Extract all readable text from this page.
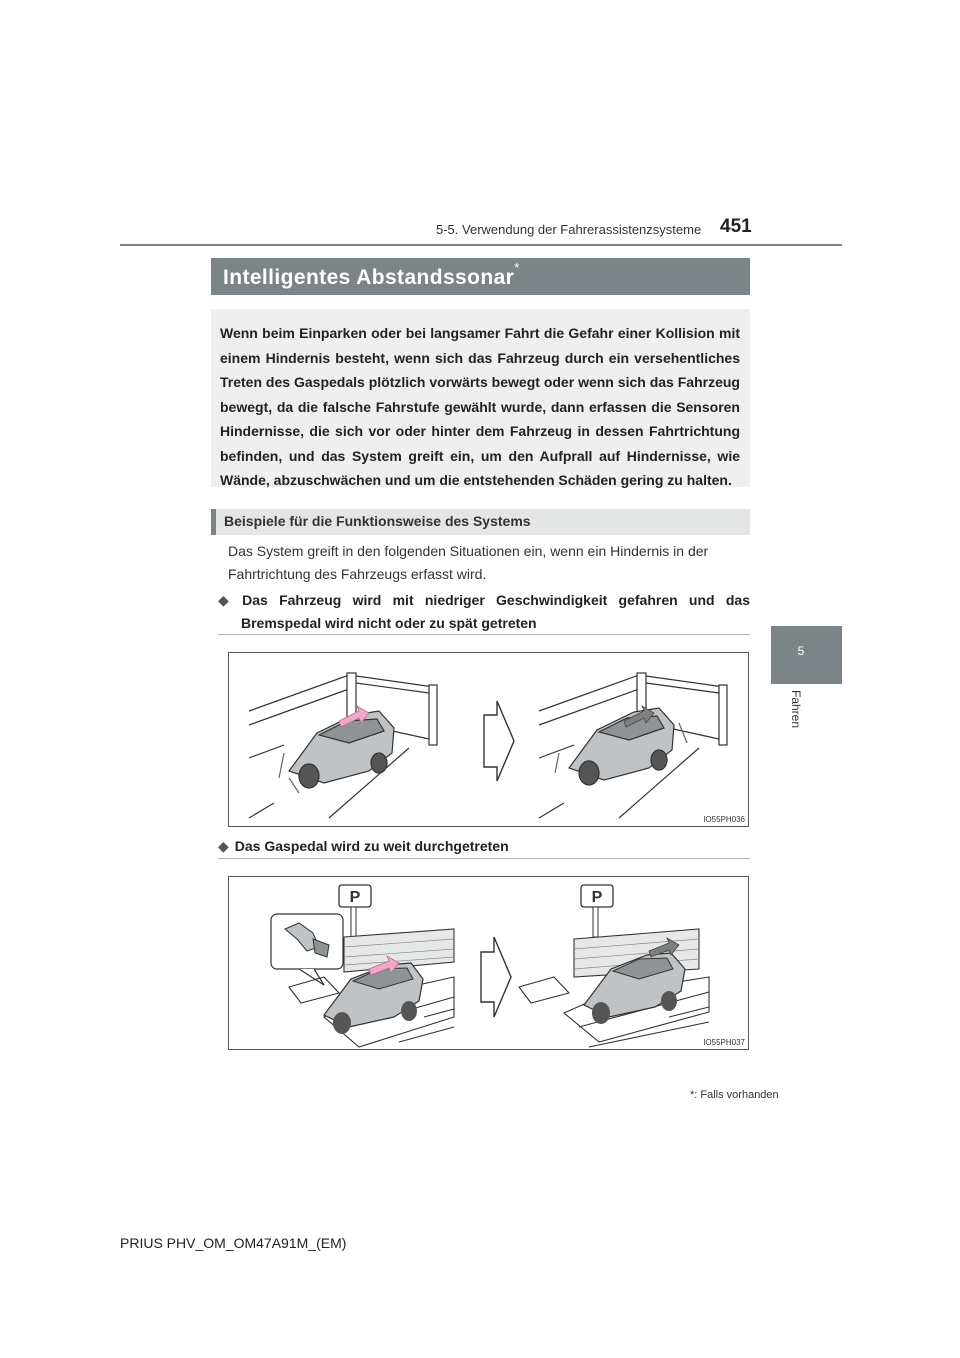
5-5. Verwendung der Fahrerassistenzsysteme 451
5
Fahren
Intelligentes Abstandssonar*
Wenn beim Einparken oder bei langsamer Fahrt die Gefahr einer Kollision mit einem Hindernis besteht, wenn sich das Fahrzeug durch ein versehentliches Treten des Gaspedals plötzlich vorwärts bewegt oder wenn sich das Fahrzeug bewegt, da die falsche Fahrstufe gewählt wurde, dann erfassen die Sensoren Hindernisse, die sich vor oder hinter dem Fahrzeug in dessen Fahrtrichtung befinden, und das System greift ein, um den Aufprall auf Hindernisse, wie Wände, abzuschwächen und um die entstehenden Schäden gering zu halten.
Beispiele für die Funktionsweise des Systems
Das System greift in den folgenden Situationen ein, wenn ein Hindernis in der Fahrtrichtung des Fahrzeugs erfasst wird.
◆ Das Fahrzeug wird mit niedriger Geschwindigkeit gefahren und das Bremspedal wird nicht oder zu spät getreten
IO55PH036
◆ Das Gaspedal wird zu weit durchgetreten
P	P
IO55PH037
*: Falls vorhanden
PRIUS PHV_OM_OM47A91M_(EM)
